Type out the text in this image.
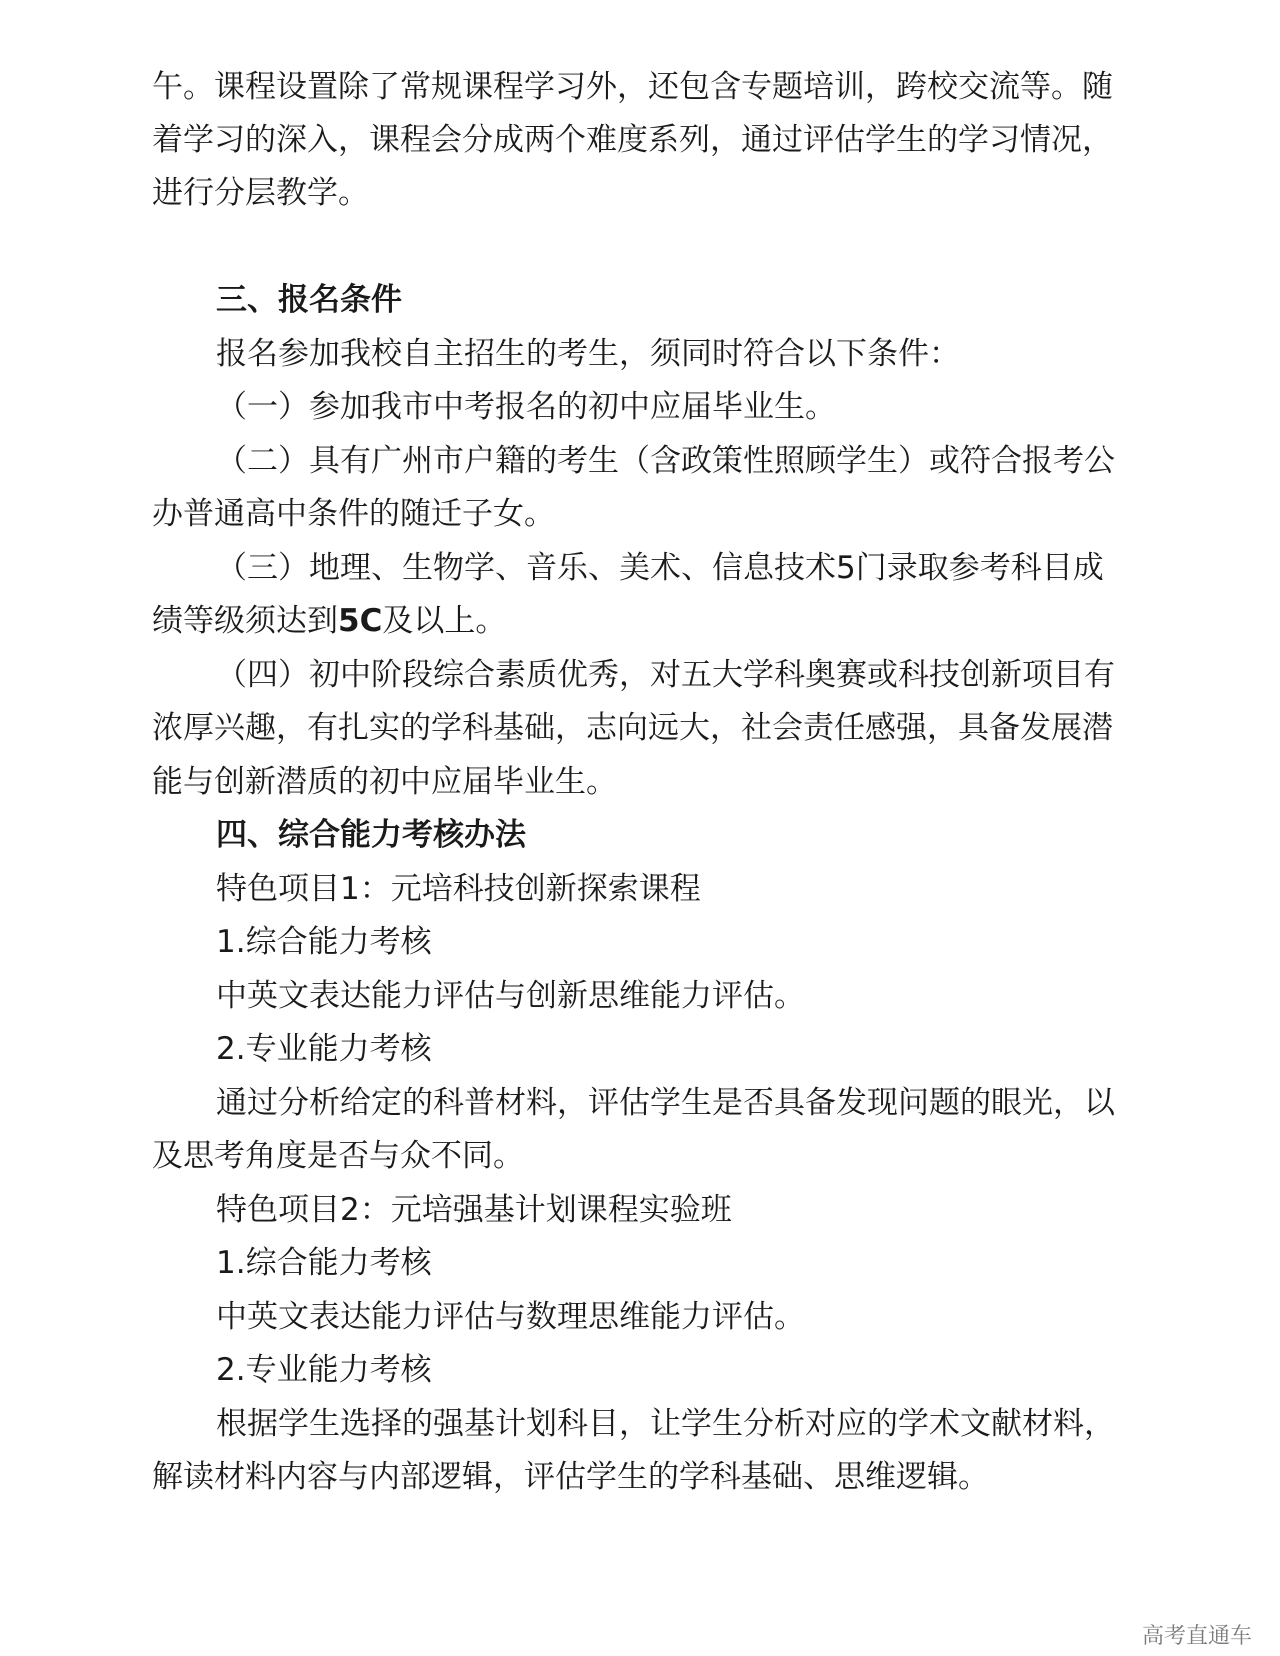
午。课程设置除了常规课程学习外，还包含专题培训，跨校交流等。随
着学习的深入，课程会分成两个难度系列，通过评估学生的学习情况，
进行分层教学。
三、报名条件
报名参加我校自主招生的考生，须同时符合以下条件：
（一）参加我市中考报名的初中应届毕业生。
（二）具有广州市户籍的考生（含政策性照顾学生）或符合报考公
办普通高中条件的随迁子女。
（三）地理、生物学、音乐、美术、信息技术5门录取参考科目成
绩等级须达到5C及以上。
（四）初中阶段综合素质优秀，对五大学科奥赛或科技创新项目有
浓厚兴趣，有扎实的学科基础，志向远大，社会责任感强，具备发展潜
能与创新潜质的初中应届毕业生。
四、综合能力考核办法
特色项目1：元培科技创新探索课程
1.综合能力考核
中英文表达能力评估与创新思维能力评估。
2.专业能力考核
通过分析给定的科普材料，评估学生是否具备发现问题的眼光，以
及思考角度是否与众不同。
特色项目2：元培强基计划课程实验班
1.综合能力考核
中英文表达能力评估与数理思维能力评估。
2.专业能力考核
根据学生选择的强基计划科目，让学生分析对应的学术文献材料，
解读材料内容与内部逻辑，评估学生的学科基础、思维逻辑。
高考直通车
